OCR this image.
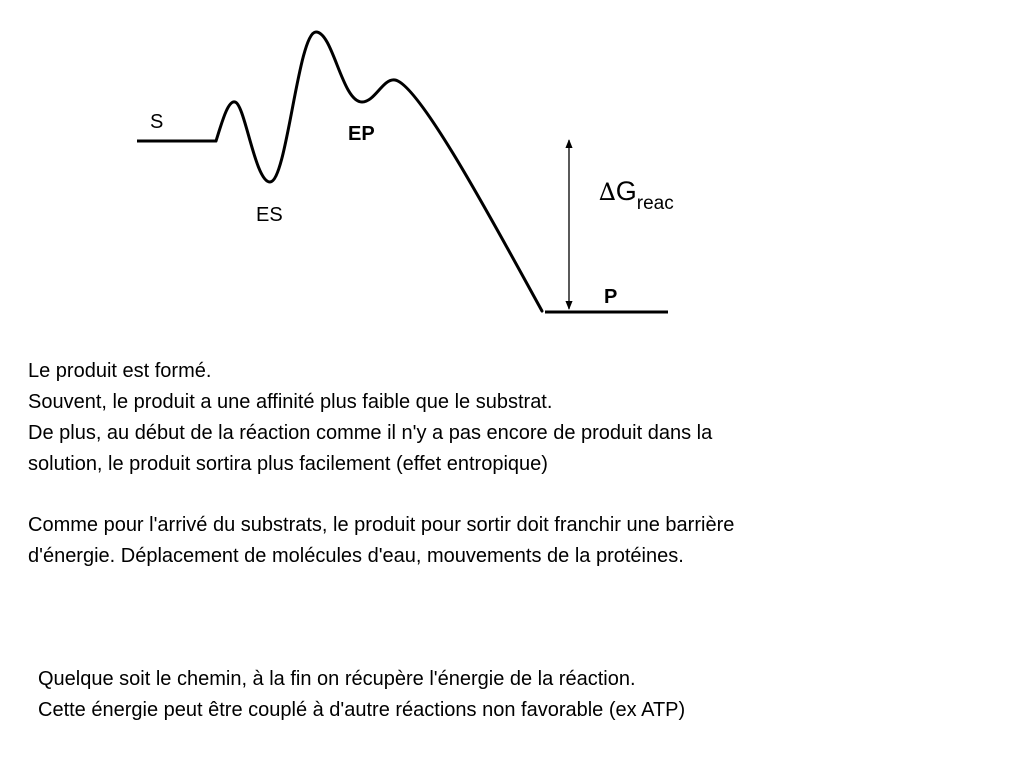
S
ES
EP
P
$\Delta G_{reac}$
Le produit est formé.
Souvent, le produit a une affinité plus faible que le substrat.
De plus, au début de la réaction comme il n'y a pas encore de produit dans la
solution, le produit sortira plus facilement (effet entropique)
Comme pour l'arrivé du substrats, le produit pour sortir doit franchir une barrière
d'énergie. Déplacement de molécules d'eau, mouvements de la protéines.
Quelque soit le chemin, à la fin on récupère l'énergie de la réaction.
Cette énergie peut être couplé à d'autre réactions non favorable (ex ATP)
